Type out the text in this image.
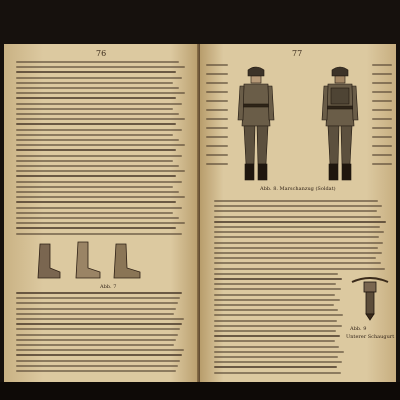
76
Abb. 7
77
Abb. 8. Marschanzug (Soldat)
Abb. 9
Unterer Schaugurt
